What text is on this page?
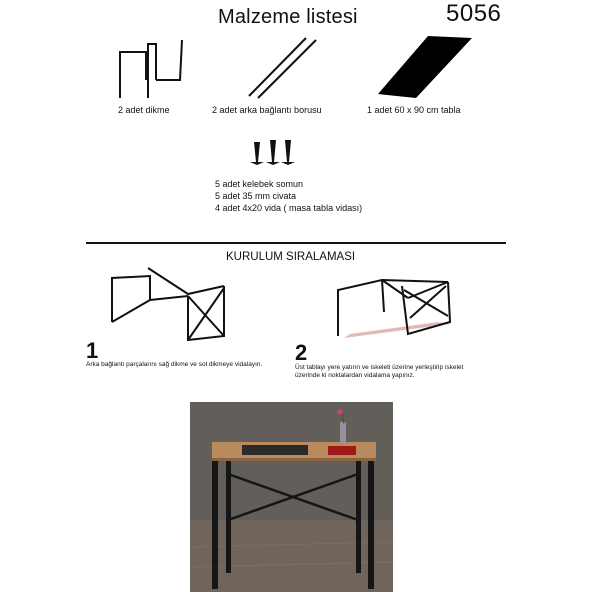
Malzeme listesi	5056
2 adet dikme	2 adet arka bağlantı borusu	1 adet 60 x 90 cm tabla
5 adet kelebek somun
5 adet 35 mm civata
4 adet 4x20 vida ( masa tabla vidası)
KURULUM SIRALAMASI
1
Arka bağlantı parçalarını sağ dikme ve sol dikmeye vidalayın. 2
Üst tablayı yere yatırın ve iskeleti üzerine yerleştirip iskelet
üzerinde ki noktalardan vidalama yapınız.
